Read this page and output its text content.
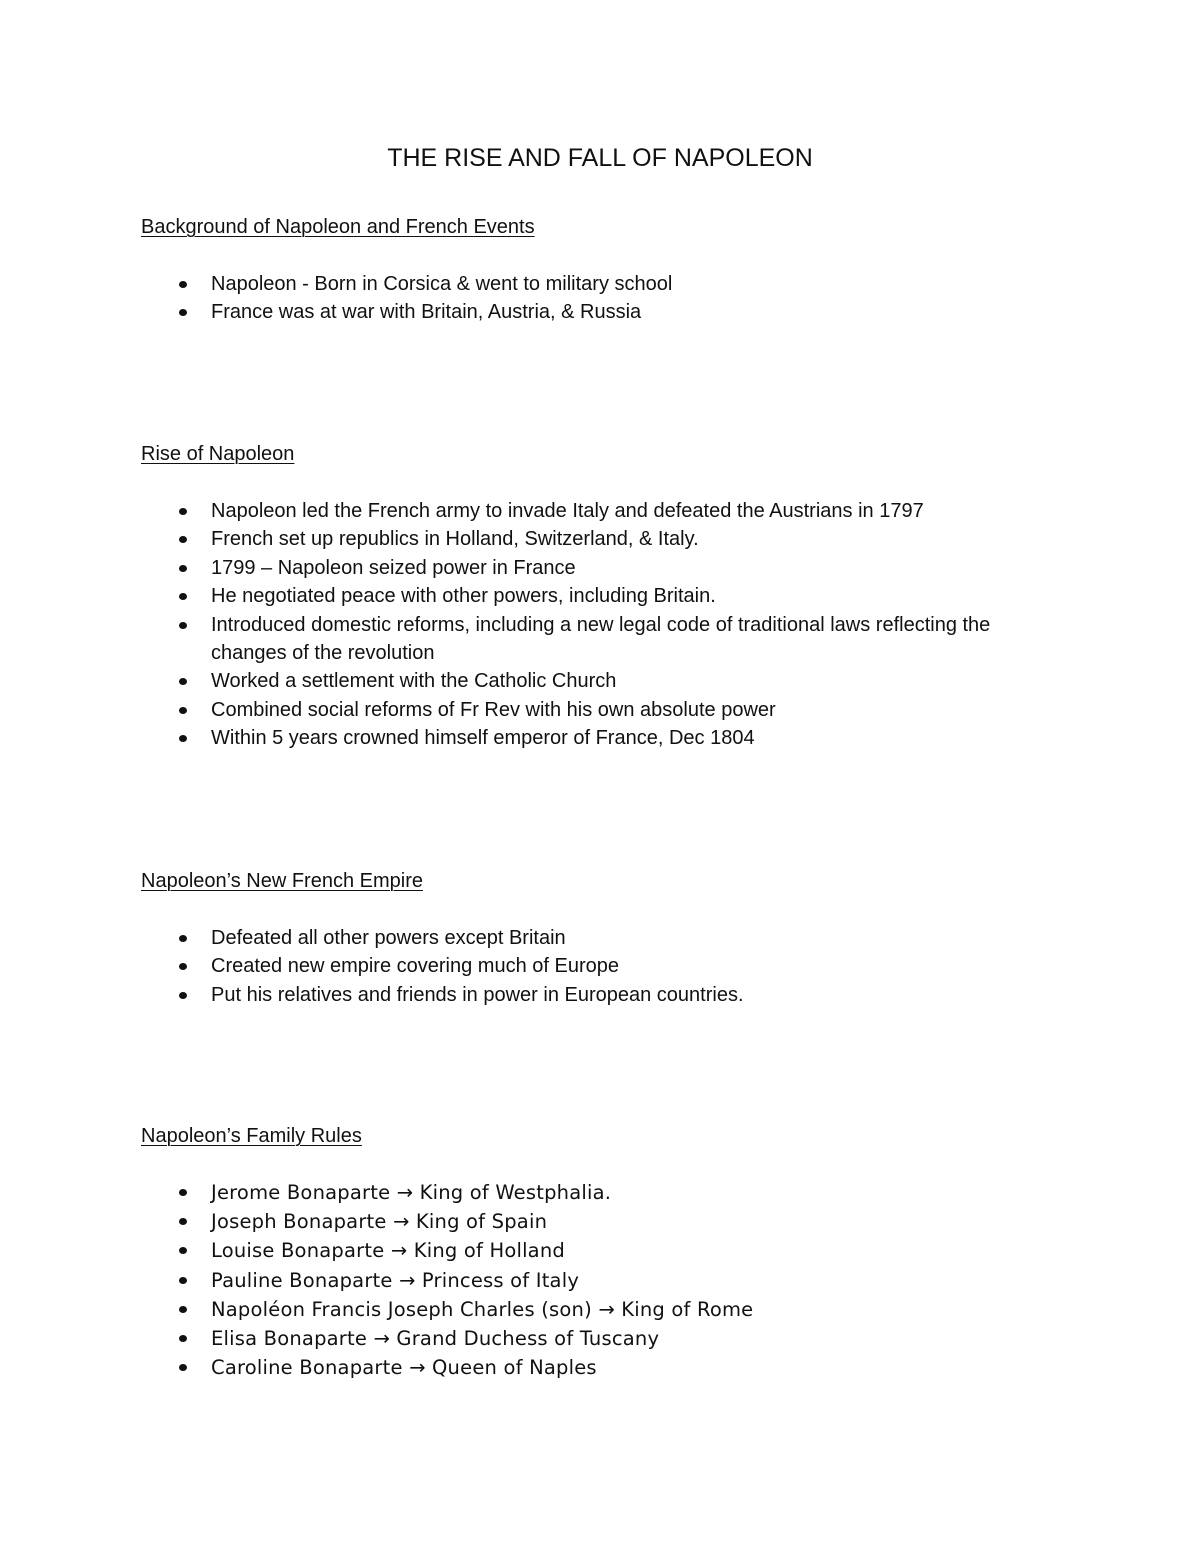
THE RISE AND FALL OF NAPOLEON
Background of Napoleon and French Events
Napoleon - Born in Corsica & went to military school
France was at war with Britain, Austria, & Russia
Rise of Napoleon
Napoleon led the French army to invade Italy and defeated the Austrians in 1797
French set up republics in Holland, Switzerland, & Italy.
1799 – Napoleon seized power in France
He negotiated peace with other powers, including Britain.
Introduced domestic reforms, including a new legal code of traditional laws reflecting the changes of the revolution
Worked a settlement with the Catholic Church
Combined social reforms of Fr Rev with his own absolute power
Within 5 years crowned himself emperor of France, Dec 1804
Napoleon’s New French Empire
Defeated all other powers except Britain
Created new empire covering much of Europe
Put his relatives and friends in power in European countries.
Napoleon’s Family Rules
Jerome Bonaparte → King of Westphalia.
Joseph Bonaparte → King of Spain
Louise Bonaparte → King of Holland
Pauline Bonaparte → Princess of Italy
Napoléon Francis Joseph Charles (son) → King of Rome
Elisa Bonaparte → Grand Duchess of Tuscany
Caroline Bonaparte → Queen of Naples
